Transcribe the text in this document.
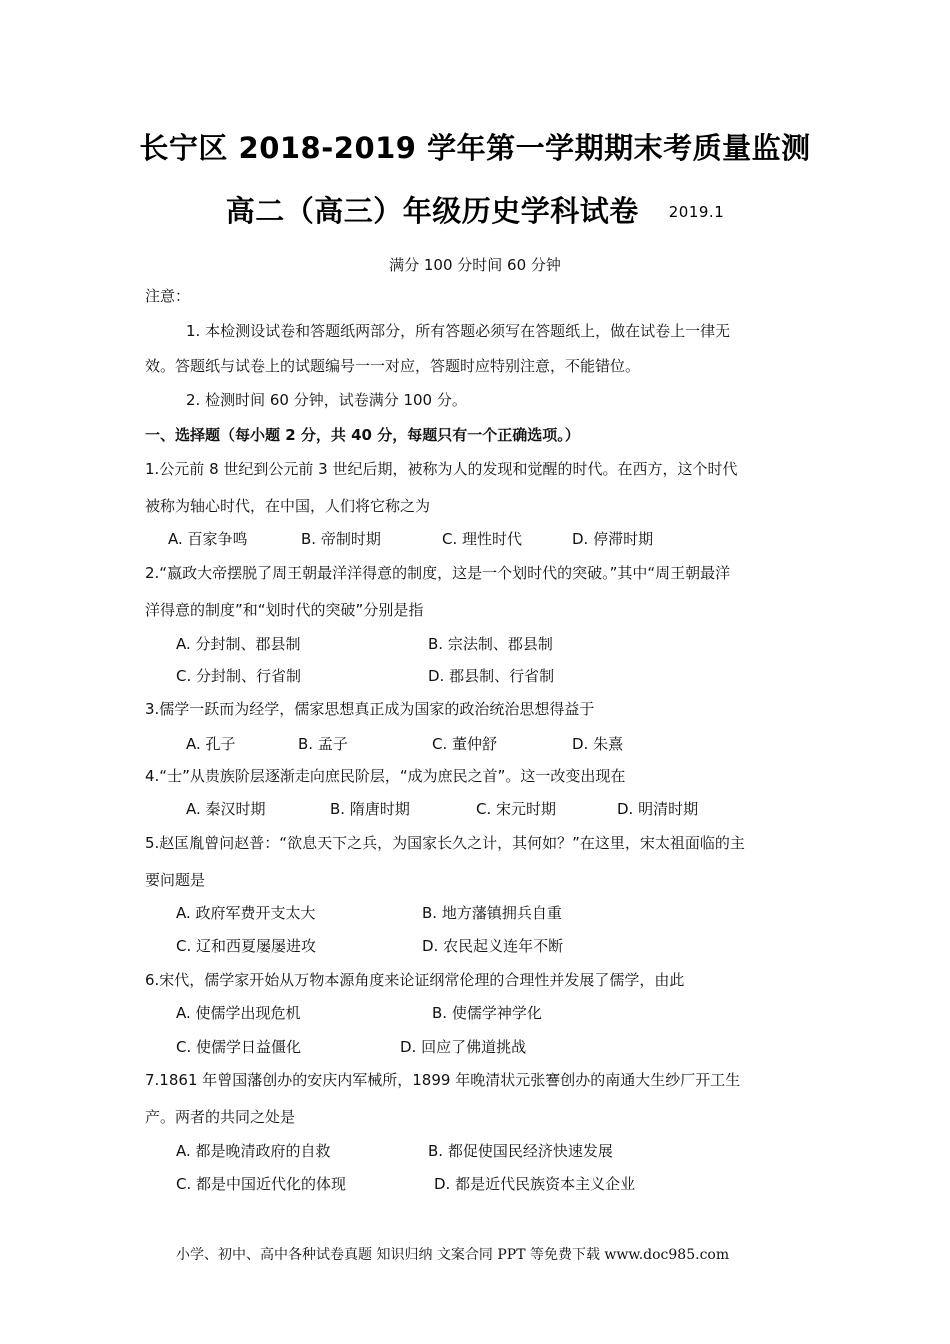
长宁区 2018-2019 学年第一学期期末考质量监测
高二（高三）年级历史学科试卷 2019.1
满分 100 分时间 60 分钟
注意：
1. 本检测设试卷和答题纸两部分，所有答题必须写在答题纸上，做在试卷上一律无
效。答题纸与试卷上的试题编号一一对应，答题时应特别注意，不能错位。
2. 检测时间 60 分钟，试卷满分 100 分。
一、选择题（每小题 2 分，共 40 分，每题只有一个正确选项。）
1.公元前 8 世纪到公元前 3 世纪后期，被称为人的发现和觉醒的时代。在西方，这个时代
被称为轴心时代，在中国，人们将它称之为
A. 百家争鸣	B. 帝制时期	C. 理性时代	D. 停滞时期
2.“嬴政大帝摆脱了周王朝最洋洋得意的制度，这是一个划时代的突破。”其中“周王朝最洋
洋得意的制度”和“划时代的突破”分别是指
A. 分封制、郡县制	B. 宗法制、郡县制
C. 分封制、行省制	D. 郡县制、行省制
3.儒学一跃而为经学，儒家思想真正成为国家的政治统治思想得益于
A. 孔子	B. 孟子	C. 董仲舒	D. 朱熹
4.“士”从贵族阶层逐渐走向庶民阶层，“成为庶民之首”。这一改变出现在
A. 秦汉时期	B. 隋唐时期	C. 宋元时期	D. 明清时期
5.赵匡胤曾问赵普：“欲息天下之兵，为国家长久之计，其何如？”在这里，宋太祖面临的主
要问题是
A. 政府军费开支太大	B. 地方藩镇拥兵自重
C. 辽和西夏屡屡进攻	D. 农民起义连年不断
6.宋代，儒学家开始从万物本源角度来论证纲常伦理的合理性并发展了儒学，由此
A. 使儒学出现危机	B. 使儒学神学化
C. 使儒学日益僵化	D. 回应了佛道挑战
7.1861 年曾国藩创办的安庆内军械所，1899 年晚清状元张謇创办的南通大生纱厂开工生
产。两者的共同之处是
A. 都是晚清政府的自救	B. 都促使国民经济快速发展
C. 都是中国近代化的体现	D. 都是近代民族资本主义企业
小学、初中、高中各种试卷真题 知识归纳 文案合同 PPT 等免费下载 www.doc985.com
